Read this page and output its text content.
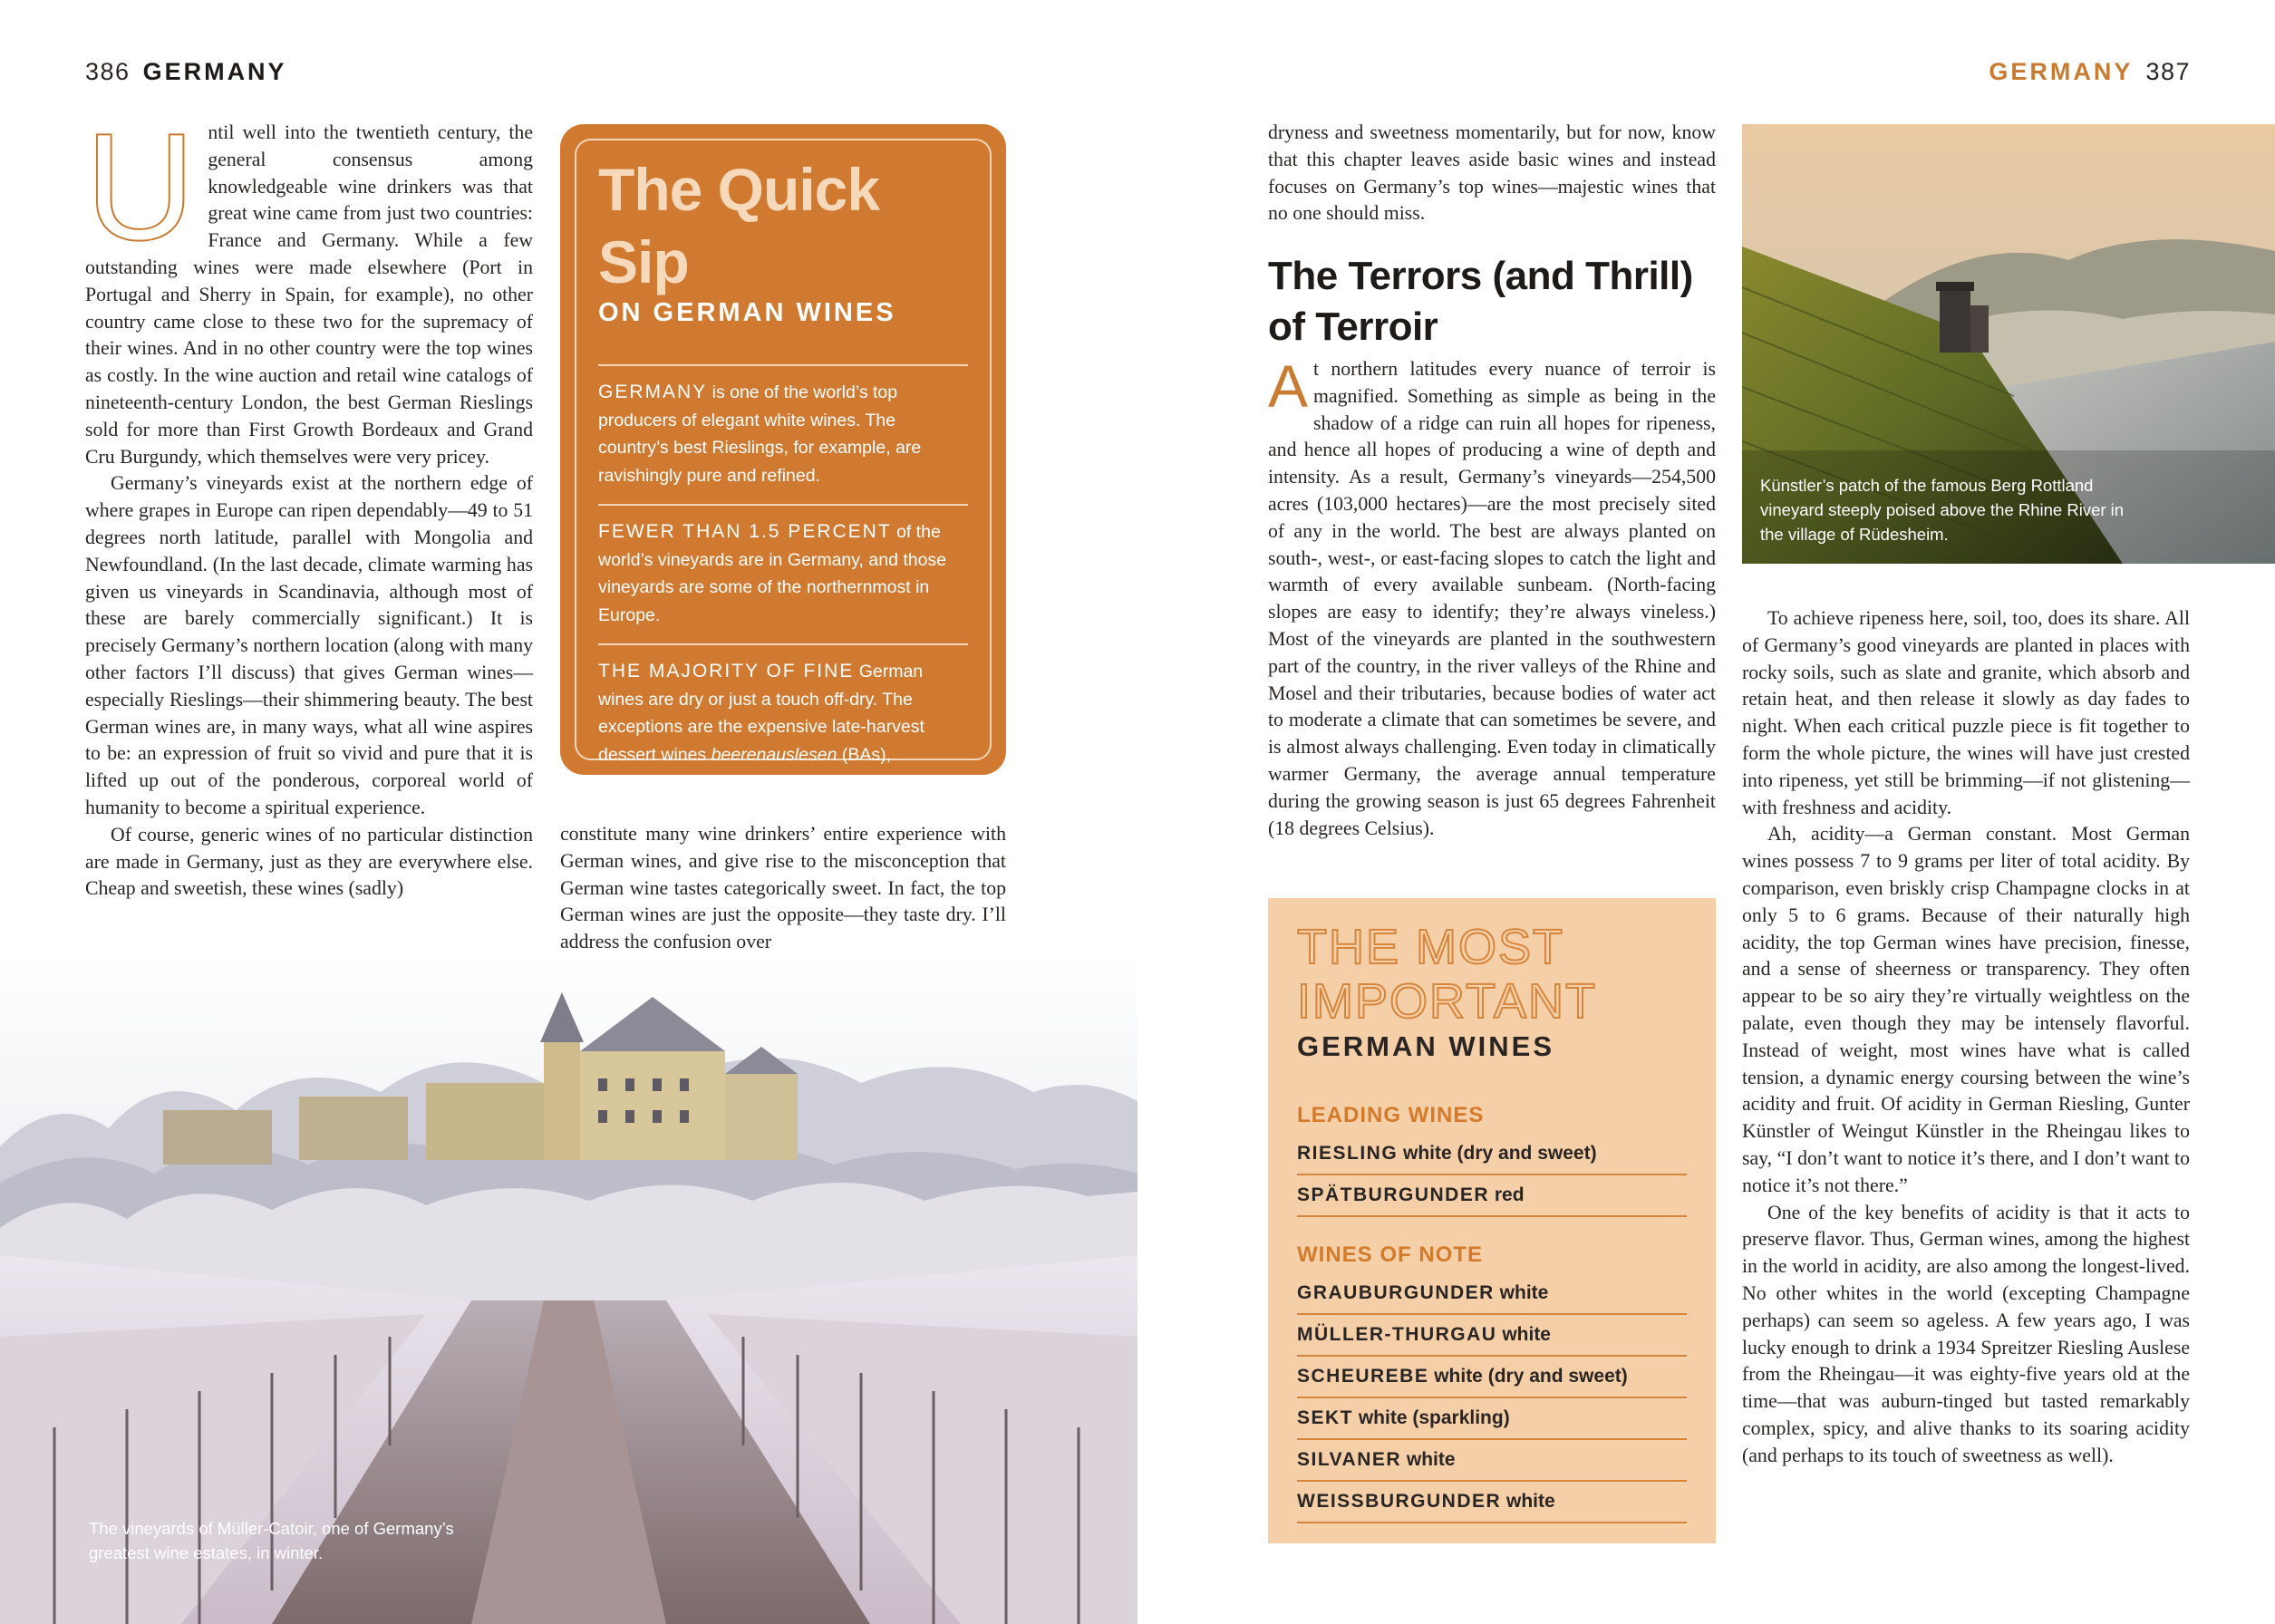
386 GERMANY

Until well into the twentieth century, the general consensus among knowledgeable wine drinkers was that great wine came from just two countries: France and Germany. While a few outstanding wines were made elsewhere (Port in Portugal and Sherry in Spain, for example), no other country came close to these two for the supremacy of their wines. And in no other country were the top wines as costly. In the wine auction and retail wine catalogs of nineteenth-century London, the best German Rieslings sold for more than First Growth Bordeaux and Grand Cru Burgundy, which themselves were very pricey.

Germany’s vineyards exist at the northern edge of where grapes in Europe can ripen dependably—49 to 51 degrees north latitude, parallel with Mongolia and Newfoundland. (In the last decade, climate warming has given us vineyards in Scandinavia, although most of these are barely commercially significant.) It is precisely Germany’s northern location (along with many other factors I’ll discuss) that gives German wines—especially Rieslings—their shimmering beauty. The best German wines are, in many ways, what all wine aspires to be: an expression of fruit so vivid and pure that it is lifted up out of the ponderous, corporeal world of humanity to become a spiritual experience.

Of course, generic wines of no particular distinction are made in Germany, just as they are everywhere else. Cheap and sweetish, these wines (sadly)

The Quick Sip
ON GERMAN WINES
GERMANY is one of the world’s top producers of elegant white wines. The country’s best Rieslings, for example, are ravishingly pure and refined.
FEWER THAN 1.5 PERCENT of the world’s vineyards are in Germany, and those vineyards are some of the northernmost in Europe.
THE MAJORITY OF FINE German wines are dry or just a touch off-dry. The exceptions are the expensive late-harvest dessert wines beerenauslesen (BAs), trockenbeerenauslesen (TBAs), and eisweine, all of which are sweet.

constitute many wine drinkers’ entire experience with German wines, and give rise to the misconception that German wine tastes categorically sweet. In fact, the top German wines are just the opposite—they taste dry. I’ll address the confusion over

The vineyards of Müller-Catoir, one of Germany’s greatest wine estates, in winter.
GERMANY 387

dryness and sweetness momentarily, but for now, know that this chapter leaves aside basic wines and instead focuses on Germany’s top wines—majestic wines that no one should miss.

The Terrors (and Thrill)
of Terroir

At northern latitudes every nuance of terroir is magnified. Something as simple as being in the shadow of a ridge can ruin all hopes for ripeness, and hence all hopes of producing a wine of depth and intensity. As a result, Germany’s vineyards—254,500 acres (103,000 hectares)—are the most precisely sited of any in the world. The best are always planted on south-, west-, or east-facing slopes to catch the light and warmth of every available sunbeam. (North-facing slopes are easy to identify; they’re always vineless.) Most of the vineyards are planted in the southwestern part of the country, in the river valleys of the Rhine and Mosel and their tributaries, because bodies of water act to moderate a climate that can sometimes be severe, and is almost always challenging. Even today in climatically warmer Germany, the average annual temperature during the growing season is just 65 degrees Fahrenheit (18 degrees Celsius).

Künstler’s patch of the famous Berg Rottland vineyard steeply poised above the Rhine River in the village of Rüdesheim.

To achieve ripeness here, soil, too, does its share. All of Germany’s good vineyards are planted in places with rocky soils, such as slate and granite, which absorb and retain heat, and then release it slowly as day fades to night. When each critical puzzle piece is fit together to form the whole picture, the wines will have just crested into ripeness, yet still be brimming—if not glistening—with freshness and acidity.

Ah, acidity—a German constant. Most German wines possess 7 to 9 grams per liter of total acidity. By comparison, even briskly crisp Champagne clocks in at only 5 to 6 grams. Because of their naturally high acidity, the top German wines have precision, finesse, and a sense of sheerness or transparency. They often appear to be so airy they’re virtually weightless on the palate, even though they may be intensely flavorful. Instead of weight, most wines have what is called tension, a dynamic energy coursing between the wine’s acidity and fruit. Of acidity in German Riesling, Gunter Künstler of Weingut Künstler in the Rheingau likes to say, “I don’t want to notice it’s there, and I don’t want to notice it’s not there.”

One of the key benefits of acidity is that it acts to preserve flavor. Thus, German wines, among the highest in the world in acidity, are also among the longest-lived. No other whites in the world (excepting Champagne perhaps) can seem so ageless. A few years ago, I was lucky enough to drink a 1934 Spreitzer Riesling Auslese from the Rheingau—it was eighty-five years old at the time—that was auburn-tinged but tasted remarkably complex, spicy, and alive thanks to its soaring acidity (and perhaps to its touch of sweetness as well).

THE MOST
IMPORTANT
GERMAN WINES
LEADING WINES
RIESLING white (dry and sweet)
SPÄTBURGUNDER red
WINES OF NOTE
GRAUBURGUNDER white
MÜLLER-THURGAU white
SCHEUREBE white (dry and sweet)
SEKT white (sparkling)
SILVANER white
WEISSBURGUNDER white
